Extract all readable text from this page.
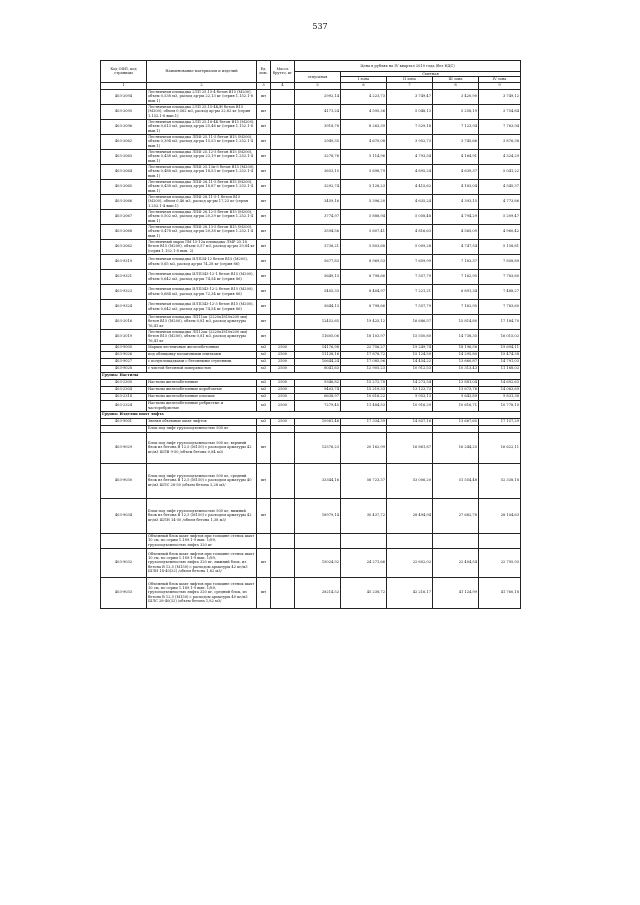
537
Код ОФП, код страницы	Наименование материалов и изделий	Ед. изм.	Масса брутто, кг	Цена в рублях на IV квартал 2010 года (без НДС)				
				отпускная	Сметная			
					I зона	II зона	III зона	IV зона
1	2	3	4	5	6	7	8	9
403-2094	Лестничная площадка 2ЛП 25.15-4 бетон В15 (М200), объем 0,538 м3, расход ар-ры 22,13 кг (серия 1.152.1-8 вып.1)	шт		2992,14	4 223,73	3 749,47	3 420,90	3 749,12
403-2095	Лестничная площадка 2ЛП 25.15-4К/Н бетон В15 (М200), объем 0,562 м3, расход ар-ры 22,82 кг (серия 1.152.1-8 вып.1)	шт		4171,24	4 595,36	5 048,13	5 258,19	3 754,84
403-2096	Лестничная площадка 2ЛП 25.18-4К бетон В15 (М200), объем 0,613 м3, расход ар-ры 25,46 кг (серия 1.152.1-8 вып.1)	шт		3918,78	8 263,39	7 529,18	7 123,94	7 763,94
403-2062	Лестничная площадка ЛПФ 25.11-5 бетон В15 (М200), объем 0,394 м3, расход ар-ры 15,53 кг (серия 1.252.1-4 вып.1)	шт		2949,35	4 670,08	3 952,73	3 745,66	3 876,38
403-2063	Лестничная площадка ЛПФ 25.12-5 бетон В15 (М200), объем 0,438 м3, расход ар-ры 23,19 кг (серия 1.252.1-4 вып.1)	шт		3278,76	5 114,96	4 793,54	4 164,91	4 524,29
403-2064	Лестничная площадка ЛПФ 25.13к-5 бетон В15 (М200), объем 0,488 м3, расход ар-ры 18,53 кг (серия 1.252.1-4 вып.1)	шт		3653,15	5 698,79	4 895,24	4 639,37	5 041,22
403-2065	Лестничная площадка ЛПФ 28.11-5 бетон В15 (М200), объем 0,438 м3, расход ар-ры 18,87 кг (серия 1.252.1-4 вып.1)	шт		3292,74	5 128,23	4 415,62	4 183,04	4 545,37
403-2066	Лестничная площадка ЛПФ 28.11-5-1 бетон В15 (М200), объем 0,46 м3, расход ар-ры 17,23 кг (серия 1.252.1-4 вып.1)	шт		3459,16	5 396,20	4 635,24	4 393,15	4 773,86
403-2067	Лестничная площадка ЛПФ 28.12-5 бетон В15 (М200), объем 0,502 м3, расход ар-ры 20,29 кг (серия 1.252.1-4 вып.1)	шт		3774,97	5 888,94	5 058,48	4 794,29	5 209,47
403-2068	Лестничная площадка ЛПФ 28.13-5 бетон В15 (М200), объем 0,478 м3, расход ар-ры 20,38 кг (серия 1.252.1-4 вып.1)	шт		3594,56	5 607,41	4 816,63	4 565,09	4 960,42
403-2062	Лестничный марш ЛМ 15-12а площадка ЛМР 25.18 бетон В15 (М200), объем 0,57 м3, расход ар-ры 29,84 кг (серия 1.152.1-8 вып. 2)	шт		3738,21	5 803,68	5 009,28	4 747,54	5 158,81
403-9319	Лестничная площадка ИЛП34-12 бетон В15 (М200), объем 0,65 м3, расход ар-ры 74,28 кг (серия 86)	шт		5677,83	8 969,53	7 659,99	7 183,37	7 858,89
403-9321	Лестничная площадка ИЛП343-12-1 бетон В15 (М200), объем 0,642 м3, расход ар-ры 74,54 кг (серия 86)	шт		5649,13	8 798,66	7 557,79	7 162,95	7 783,60
403-9323	Лестничная площадка ИЛП343-12-2 бетон В15 (М200), объем 0,684 м3, расход ар-ры 72,34 кг (серия 86)	шт		5405,33	8 404,97	7 221,21	6 891,34	7 488,27
403-9324	Лестничная площадка ИЛП343-12-3 бетон В15 (М200), объем 0,642 м3, расход ар-ры 74,54 кг (серия 86)	шт		5644,13	8 798,66	7 557,79	7 162,95	7 783,60
403-2016	Лестничная площадка ЛП11ок (2220х1810х200 мм) бетон В15 (М200), объем 0,81 м3, расход арматуры 76,41 кг	шт		12452,65	19 425,12	16 686,57	15 814,80	17 184,70
403-2019	Лестничная площадка ЛП12ок (2220х1810х200 мм) бетон В15 (М200), объем 0,81 м3, расход арматуры 76,41 кг	шт		11605,06	18 103,97	15 550,80	14 738,35	16 015,02
403-9000	Марши лестничные железобетонные	м3	2500	14176,98	22 756,27	19 249,74	18 196,56	19 694,11
403-9026	под облицовку мозаичными плитками	м3	2500	11138,16	17 878,72	15 124,50	14 295,80	15 474,38
403-9027	с полуплощадками с бетонными ступенями	м3	2500	10644,24	17 085,96	14 454,22	13 660,87	14 791,03
403-9028	с чистой бетонной поверхностью	м3	2500	8041,63	12 905,23	10 912,53	10 313,43	11 168,02
Группа: Настилы								
403-2300	Настилы железобетонные	м3	2500	9346,82	15 272,78	14 273,54	13 881,04	14 692,63
403-2304	Настилы железобетонные коробчатые	м3	2500	9403,74	15 219,33	13 123,73	13 673,76	14 063,69
403-2318	Настилы железобетонные плоские	м3	2500	6638,97	10 616,22	9 953,13	9 643,89	9 831,38
403-2324	Настилы железобетонные ребристые и часторебристые	м3	2500	7279,45	11 484,53	10 916,29	10 616,71	10 778,10
Группа: Изделия шахт лифта								
403-9001	Звенья объемные шахт лифтов	м3	2500	10981,46	17 334,39	14 857,16	13 667,65	17 157,29
	Блок под лифт грузоподъемностью 500 кг							
403-9029	Блок под лифт грузоподъемностью 500 кг, верхний блок из бетона В 12,5 (М150) с расходом арматуры 42 кг/м3 ШЛВ 9-50 /объем бетона 0,84 м3/	шт		12576,23	20 162,99	16 861,87	16 244,25	16 622,11
403-9030	Блок под лифт грузоподъемностью 500 кг, средний блок из бетона В 12,5 (М150) с расходом арматуры 40 кг/м3 ШЛС 28-50 /объем бетона 2,28 м3/	шт		33344,16	56 723,37	53 006,20	51 554,48	52 338,18
403-9034	Блок под лифт грузоподъемностью 500 кг, нижний блок из бетона В 12,5 (М150) с расходом арматуры 42 кг/м3 ШЛН 14-50 /объем бетона 1,38 м3/	шт		18979,14	30 437,72	28 494,94	27 682,78	28 104,63
	Объемный блок шахт лифтов при толщине стенок шахт 10 см, по серии 1.189.1-9 вып. 1/89, грузоподъемностью лифта 320 кг							
403-9032	Объемный блок шахт лифтов при толщине стенок шахт 10 см, по серии 1.189.1-9 вып. 1/89, грузоподъемностью лифта 320 кг, нижний блок, из бетона В 12,5 (М150) с расходом арматуры 42 кг/м3 ШЛН 14-40(32) /объем бетона 1,62 м3/	шт		15024,92	24 271,66	22 602,02	22 404,54	22 795,93
403-9033	Объемный блок шахт лифтов при толщине стенок шахт 10 см, по серии 1.189.1-9 вып. 1/89, грузоподъемностью лифта 320 кг, средний блок, из бетона В 12,5 (М150) с расходом арматуры 40 кг/м3 ШЛС 28-40(32) /объем бетона 1,82 м3/	шт		28214,52	45 238,72	42 216,17	41 124,99	41 760,18
